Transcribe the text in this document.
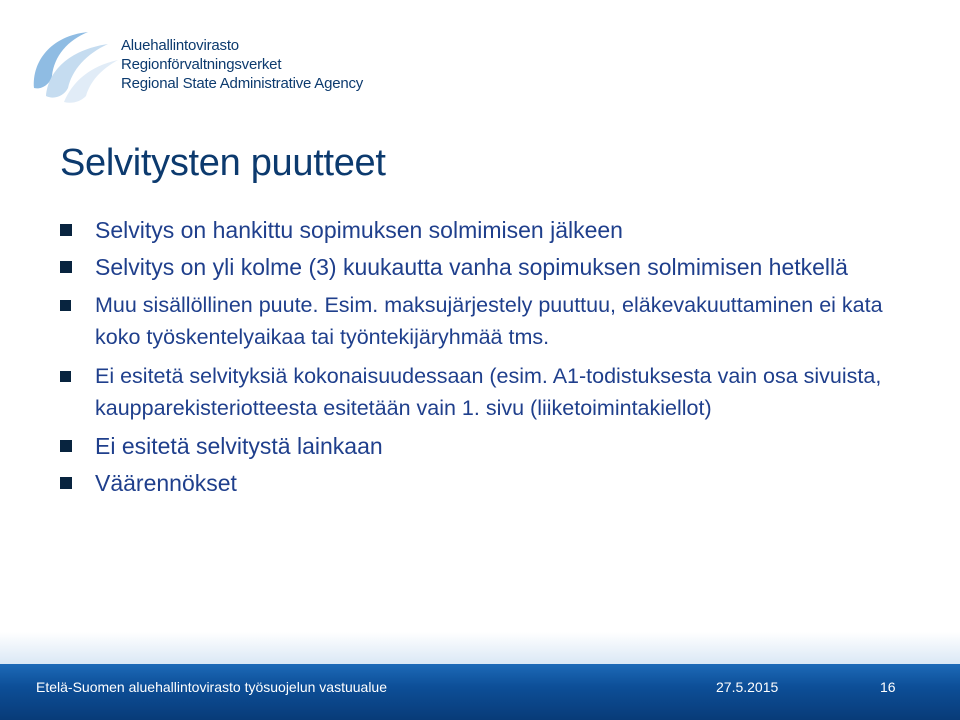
Aluehallintovirasto
Regionförvaltningsverket
Regional State Administrative Agency
Selvitysten puutteet
Selvitys on hankittu sopimuksen solmimisen jälkeen
Selvitys on yli kolme (3) kuukautta vanha sopimuksen solmimisen hetkellä
Muu sisällöllinen puute. Esim. maksujärjestely puuttuu, eläkevakuuttaminen ei kata koko työskentelyaikaa tai työntekijäryhmää tms.
Ei esitetä selvityksiä kokonaisuudessaan (esim. A1-todistuksesta vain osa sivuista, kaupparekisteriotteesta esitetään vain 1. sivu (liiketoimintakiellot)
Ei esitetä selvitystä lainkaan
Väärennökset
Etelä-Suomen aluehallintovirasto työsuojelun vastuualue	27.5.2015	16
